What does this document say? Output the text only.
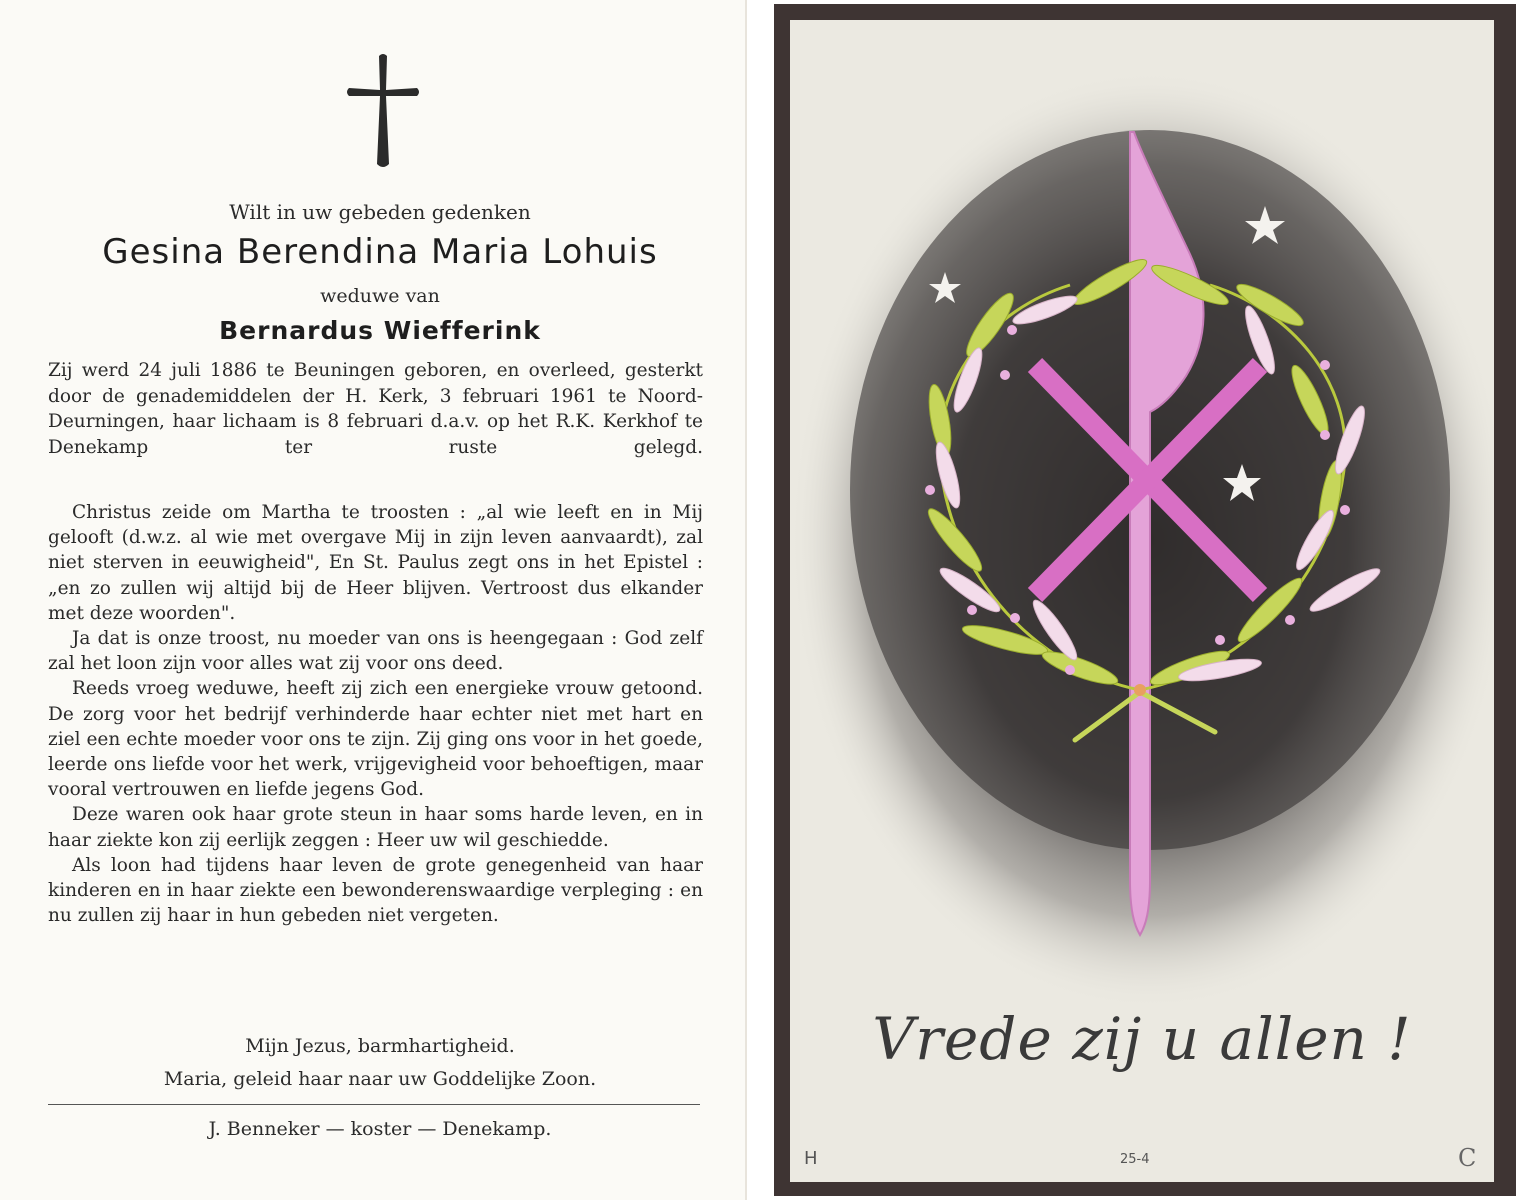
Wilt in uw gebeden gedenken
Gesina Berendina Maria Lohuis
weduwe van
Bernardus Wiefferink
Zij werd 24 juli 1886 te Beuningen geboren, en overleed, gesterkt door de genademiddelen der H. Kerk, 3 februari 1961 te Noord-Deurningen, haar lichaam is 8 februari d.a.v. op het R.K. Kerkhof te Denekamp ter ruste gelegd.

Christus zeide om Martha te troosten : „al wie leeft en in Mij gelooft (d.w.z. al wie met overgave Mij in zijn leven aanvaardt), zal niet sterven in eeuwigheid", En St. Paulus zegt ons in het Epistel : „en zo zullen wij altijd bij de Heer blijven. Vertroost dus elkander met deze woorden".

Ja dat is onze troost, nu moeder van ons is heengegaan : God zelf zal het loon zijn voor alles wat zij voor ons deed.

Reeds vroeg weduwe, heeft zij zich een energieke vrouw getoond. De zorg voor het bedrijf verhinderde haar echter niet met hart en ziel een echte moeder voor ons te zijn. Zij ging ons voor in het goede, leerde ons liefde voor het werk, vrijgevigheid voor behoeftigen, maar vooral vertrouwen en liefde jegens God.

Deze waren ook haar grote steun in haar soms harde leven, en in haar ziekte kon zij eerlijk zeggen : Heer uw wil geschiedde.

Als loon had tijdens haar leven de grote genegenheid van haar kinderen en in haar ziekte een bewonderenswaardige verpleging : en nu zullen zij haar in hun gebeden niet vergeten.

Mijn Jezus, barmhartigheid.
Maria, geleid haar naar uw Goddelijke Zoon.
J. Benneker — koster — Denekamp.
Vrede zij u allen !
H	25-4	C
